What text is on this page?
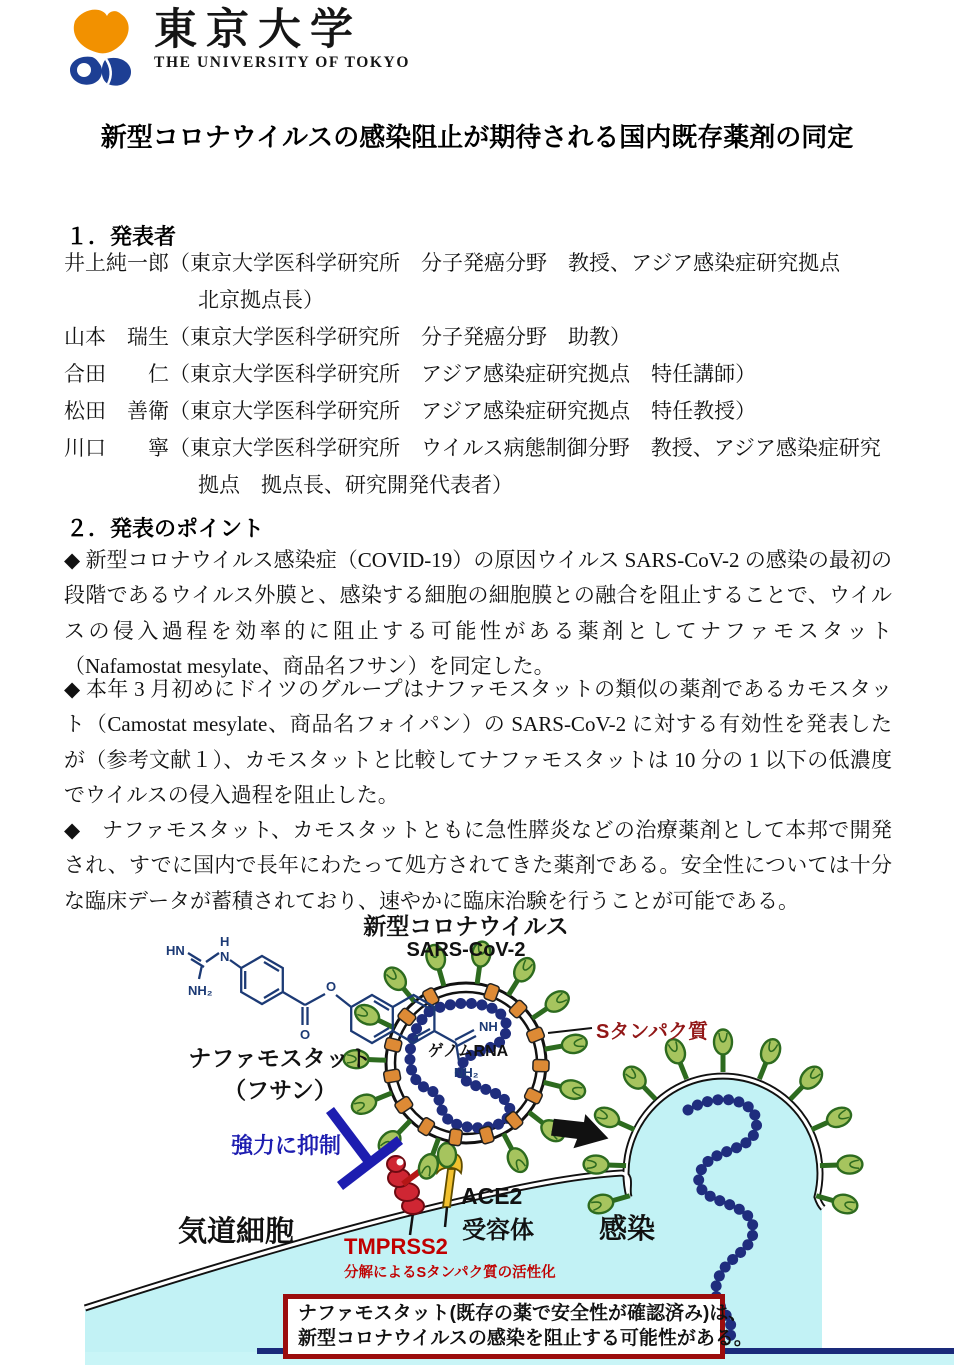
東京大学
THE UNIVERSITY OF TOKYO
新型コロナウイルスの感染阻止が期待される国内既存薬剤の同定
１．発表者
井上純一郎（東京大学医科学研究所　分子発癌分野　教授、アジア感染症研究拠点
北京拠点長）
山本　瑞生（東京大学医科学研究所　分子発癌分野　助教）
合田　　仁（東京大学医科学研究所　アジア感染症研究拠点　特任講師）
松田　善衛（東京大学医科学研究所　アジア感染症研究拠点　特任教授）
川口　　寧（東京大学医科学研究所　ウイルス病態制御分野　教授、アジア感染症研究
拠点　拠点長、研究開発代表者）
２．発表のポイント
◆ 新型コロナウイルス感染症（COVID-19）の原因ウイルス SARS-CoV-2 の感染の最初の段階であるウイルス外膜と、感染する細胞の細胞膜との融合を阻止することで、ウイルスの侵入過程を効率的に阻止する可能性がある薬剤としてナファモスタット（Nafamostat mesylate、商品名フサン）を同定した。
◆ 本年 3 月初めにドイツのグループはナファモスタットの類似の薬剤であるカモスタット（Camostat mesylate、商品名フォイパン）の SARS-CoV-2 に対する有効性を発表したが（参考文献１）、カモスタットと比較してナファモスタットは 10 分の 1 以下の低濃度でウイルスの侵入過程を阻止した。
◆　ナファモスタット、カモスタットともに急性膵炎などの治療薬剤として本邦で開発され、すでに国内で長年にわたって処方されてきた薬剤である。安全性については十分な臨床データが蓄積されており、速やかに臨床治験を行うことが可能である。
HN
NH₂
H
N
O
O
NH
NH₂
新型コロナウイルス
SARS-CoV-2
Sタンパク質
ゲノムRNA
ナファモスタット
（フサン）
強力に抑制
気道細胞 TMPRSS2
分解によるSタンパク質の活性化
ACE2
受容体 感染
ナファモスタット(既存の薬で安全性が確認済み)は、
新型コロナウイルスの感染を阻止する可能性がある。
